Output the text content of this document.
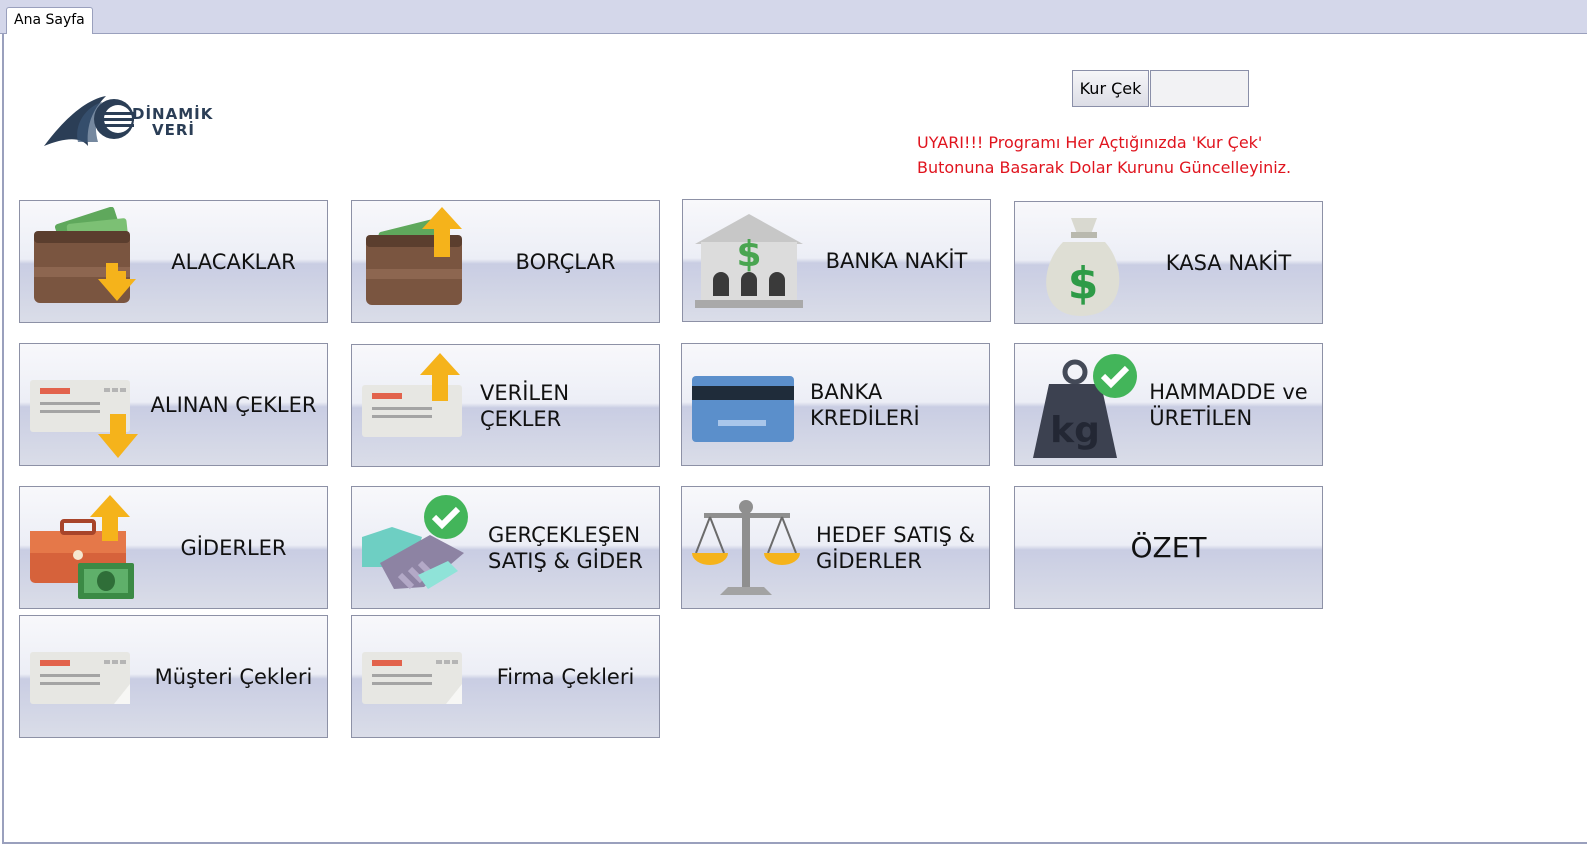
Ana Sayfa
DİNAMİK
VERİ
Kur Çek
UYARI!!! Programı Her Açtığınızda 'Kur Çek'
Butonuna Basarak Dolar Kurunu Güncelleyiniz.
ALACAKLAR	BORÇLAR	$	BANKA NAKİT	$	KASA NAKİT
ALINAN ÇEKLER	VERİLEN ÇEKLER
BANKA KREDİLERİ	kg
HAMMADDE ve
ÜRETİLEN
GİDERLER
GERÇEKLEŞEN
SATIŞ & GİDER
HEDEF SATIŞ &
GİDERLER	ÖZET
Müşteri Çekleri	Firma Çekleri
